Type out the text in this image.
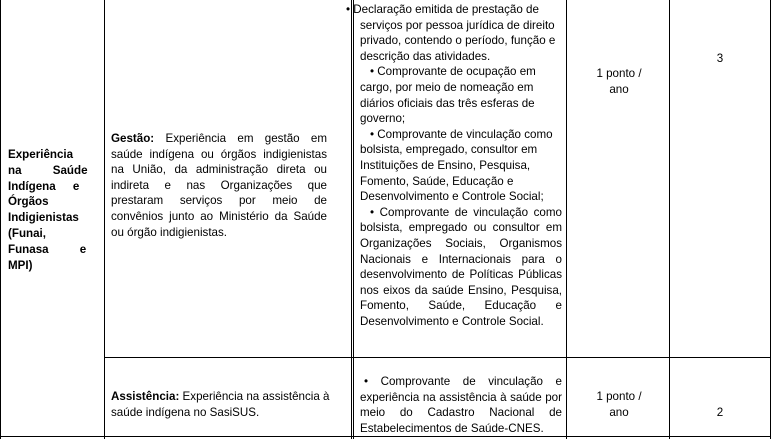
Experiência
na Saúde
Indígena e
Órgãos
Indigienistas
(Funai,
Funasa e
MPI)
Gestão: Experiência em gestão em saúde indígena ou órgãos indigienistas na União, da administração direta ou indireta e nas Organizações que prestaram serviços por meio de convênios junto ao Ministério da Saúde ou órgão indigienistas.
• Declaração emitida de prestação de serviços por pessoa jurídica de direito privado, contendo o período, função e descrição das atividades.
• Comprovante de ocupação em cargo, por meio de nomeação em diários oficiais das três esferas de governo;
• Comprovante de vinculação como bolsista, empregado, consultor em Instituições de Ensino, Pesquisa, Fomento, Saúde, Educação e Desenvolvimento e Controle Social;
• Comprovante de vinculação como bolsista, empregado ou consultor em Organizações Sociais, Organismos Nacionais e Internacionais para o desenvolvimento de Políticas Públicas nos eixos da saúde Ensino, Pesquisa, Fomento, Saúde, Educação e Desenvolvimento e Controle Social.
1 ponto / ano
3
Assistência: Experiência na assistência à saúde indígena no SasiSUS.
• Comprovante de vinculação e experiência na assistência à saúde por meio do Cadastro Nacional de Estabelecimentos de Saúde-CNES.
1 ponto / ano	2
